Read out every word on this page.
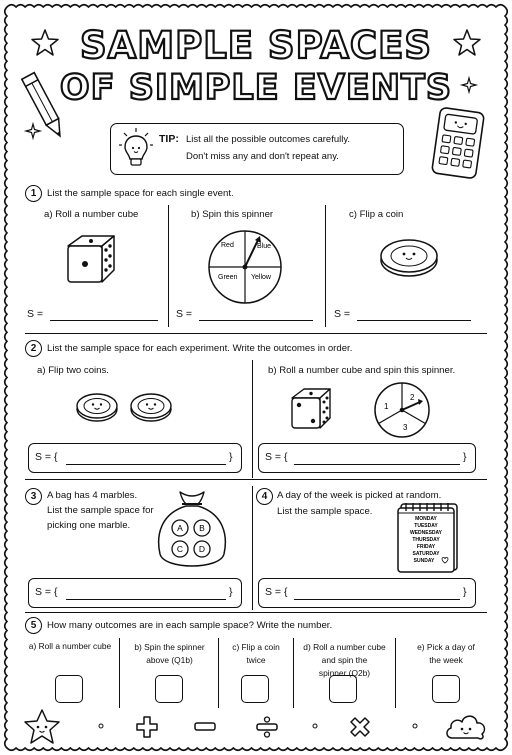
SAMPLE SPACES
OF SIMPLE EVENTS
TIP: List all the possible outcomes carefully.
Don't miss any and don't repeat any.
1	List the sample space for each single event.
a) Roll a number cube	b) Spin this spinner	c) Flip a coin
Red	Blue
Green Yellow
S =	S =	S =
2	List the sample space for each experiment. Write the outcomes in order.
a) Flip two coins.	b) Roll a number cube and spin this spinner.
1
2
3
S = {	}	S = {	}
3	A bag has 4 marbles.
List the sample space for
picking one marble.	A B
C D
S = {	}
4	A day of the week is picked at random.
List the sample space.
MONDAY
TUESDAY
WEDNESDAY
THURSDAY
FRIDAY
SATURDAY
SUNDAY
S = {	}
5	How many outcomes are in each sample space? Write the number.
a) Roll a number cube	b) Spin the spinner
above (Q1b)
c) Flip a coin
twice
d) Roll a number cube
and spin the
spinner (Q2b)
e) Pick a day of
the week
